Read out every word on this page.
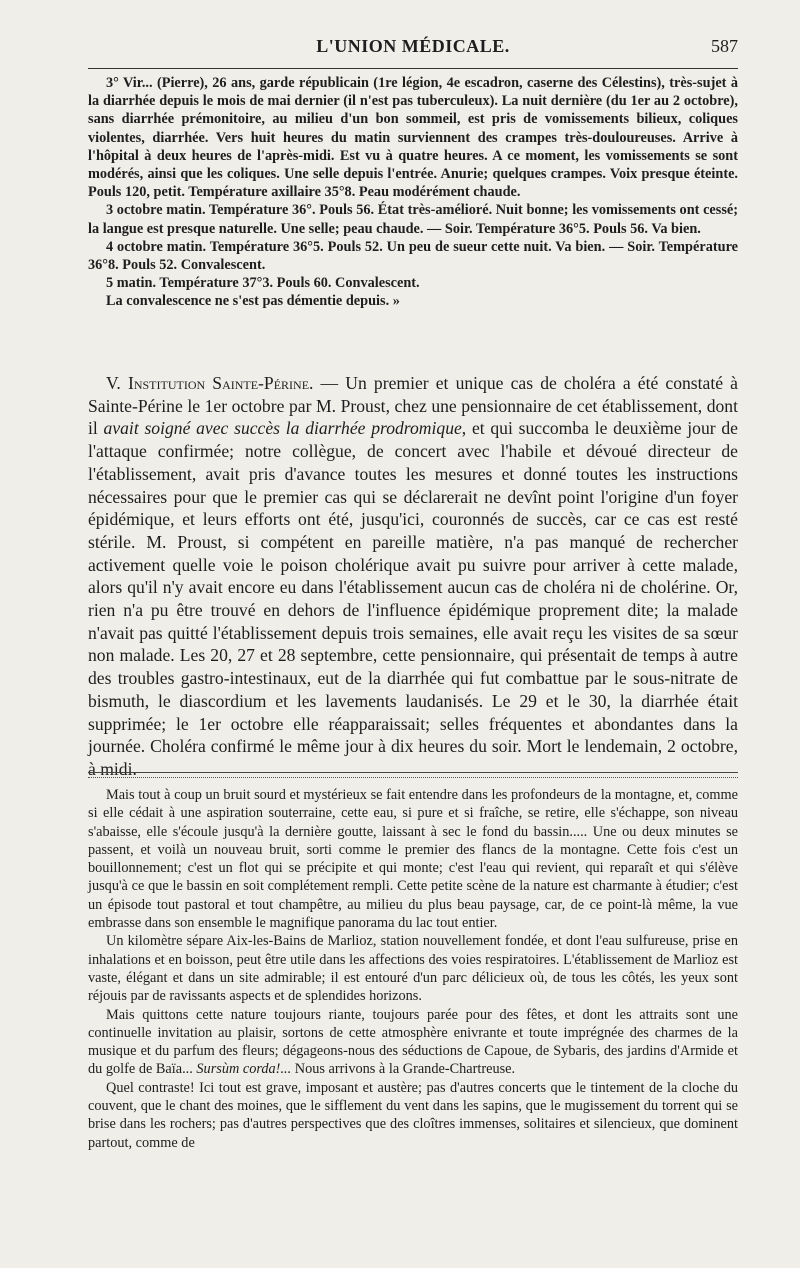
L'UNION MÉDICALE.	587

3° Vir... (Pierre), 26 ans, garde républicain (1re légion, 4e escadron, caserne des Célestins), très-sujet à la diarrhée depuis le mois de mai dernier (il n'est pas tuberculeux). La nuit dernière (du 1er au 2 octobre), sans diarrhée prémonitoire, au milieu d'un bon sommeil, est pris de vomissements bilieux, coliques violentes, diarrhée. Vers huit heures du matin surviennent des crampes très-douloureuses. Arrive à l'hôpital à deux heures de l'après-midi. Est vu à quatre heures. A ce moment, les vomissements se sont modérés, ainsi que les coliques. Une selle depuis l'entrée. Anurie; quelques crampes. Voix presque éteinte. Pouls 120, petit. Température axillaire 35°8. Peau modérément chaude.

3 octobre matin. Température 36°. Pouls 56. État très-amélioré. Nuit bonne; les vomissements ont cessé; la langue est presque naturelle. Une selle; peau chaude. — Soir. Température 36°5. Pouls 56. Va bien.

4 octobre matin. Température 36°5. Pouls 52. Un peu de sueur cette nuit. Va bien. — Soir. Température 36°8. Pouls 52. Convalescent.

5 matin. Température 37°3. Pouls 60. Convalescent.

La convalescence ne s'est pas démentie depuis. »

V. Institution Sainte-Périne. — Un premier et unique cas de choléra a été constaté à Sainte-Périne le 1er octobre par M. Proust, chez une pensionnaire de cet établissement, dont il avait soigné avec succès la diarrhée prodromique, et qui succomba le deuxième jour de l'attaque confirmée; notre collègue, de concert avec l'habile et dévoué directeur de l'établissement, avait pris d'avance toutes les mesures et donné toutes les instructions nécessaires pour que le premier cas qui se déclarerait ne devînt point l'origine d'un foyer épidémique, et leurs efforts ont été, jusqu'ici, couronnés de succès, car ce cas est resté stérile. M. Proust, si compétent en pareille matière, n'a pas manqué de rechercher activement quelle voie le poison cholérique avait pu suivre pour arriver à cette malade, alors qu'il n'y avait encore eu dans l'établissement aucun cas de choléra ni de cholérine. Or, rien n'a pu être trouvé en dehors de l'influence épidémique proprement dite; la malade n'avait pas quitté l'établissement depuis trois semaines, elle avait reçu les visites de sa sœur non malade. Les 20, 27 et 28 septembre, cette pensionnaire, qui présentait de temps à autre des troubles gastro-intestinaux, eut de la diarrhée qui fut combattue par le sous-nitrate de bismuth, le diascordium et les lavements laudanisés. Le 29 et le 30, la diarrhée était supprimée; le 1er octobre elle réapparaissait; selles fréquentes et abondantes dans la journée. Choléra confirmé le même jour à dix heures du soir. Mort le lendemain, 2 octobre, à midi.

Mais tout à coup un bruit sourd et mystérieux se fait entendre dans les profondeurs de la montagne, et, comme si elle cédait à une aspiration souterraine, cette eau, si pure et si fraîche, se retire, elle s'échappe, son niveau s'abaisse, elle s'écoule jusqu'à la dernière goutte, laissant à sec le fond du bassin..... Une ou deux minutes se passent, et voilà un nouveau bruit, sorti comme le premier des flancs de la montagne. Cette fois c'est un bouillonnement; c'est un flot qui se précipite et qui monte; c'est l'eau qui revient, qui reparaît et qui s'élève jusqu'à ce que le bassin en soit complétement rempli. Cette petite scène de la nature est charmante à étudier; c'est un épisode tout pastoral et tout champêtre, au milieu du plus beau paysage, car, de ce point-là même, la vue embrasse dans son ensemble le magnifique panorama du lac tout entier.

Un kilomètre sépare Aix-les-Bains de Marlioz, station nouvellement fondée, et dont l'eau sulfureuse, prise en inhalations et en boisson, peut être utile dans les affections des voies respiratoires. L'établissement de Marlioz est vaste, élégant et dans un site admirable; il est entouré d'un parc délicieux où, de tous les côtés, les yeux sont réjouis par de ravissants aspects et de splendides horizons.

Mais quittons cette nature toujours riante, toujours parée pour des fêtes, et dont les attraits sont une continuelle invitation au plaisir, sortons de cette atmosphère enivrante et toute imprégnée des charmes de la musique et du parfum des fleurs; dégageons-nous des séductions de Capoue, de Sybaris, des jardins d'Armide et du golfe de Baïa... Sursùm corda!... Nous arrivons à la Grande-Chartreuse.

Quel contraste! Ici tout est grave, imposant et austère; pas d'autres concerts que le tintement de la cloche du couvent, que le chant des moines, que le sifflement du vent dans les sapins, que le mugissement du torrent qui se brise dans les rochers; pas d'autres perspectives que des cloîtres immenses, solitaires et silencieux, que dominent partout, comme de
